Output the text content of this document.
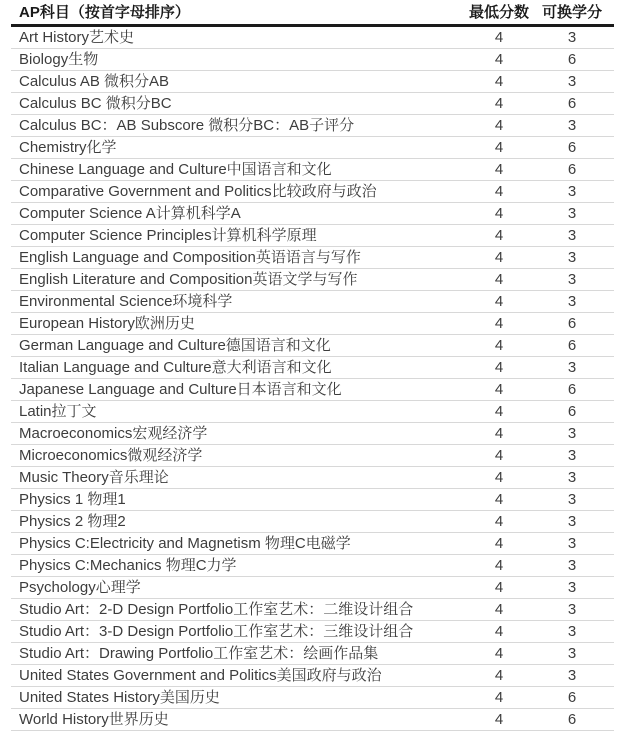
AP科目（按首字母排序）	最低分数	可换学分
Art History艺术史	4	3
Biology生物	4	6
Calculus AB 微积分AB	4	3
Calculus BC 微积分BC	4	6
Calculus BC：AB Subscore 微积分BC：AB子评分	4	3
Chemistry化学	4	6
Chinese Language and Culture中国语言和文化	4	6
Comparative Government and Politics比较政府与政治	4	3
Computer Science A计算机科学A	4	3
Computer Science Principles计算机科学原理	4	3
English Language and Composition英语语言与写作	4	3
English Literature and Composition英语文学与写作	4	3
Environmental Science环境科学	4	3
European History欧洲历史	4	6
German Language and Culture德国语言和文化	4	6
Italian Language and Culture意大利语言和文化	4	3
Japanese Language and Culture日本语言和文化	4	6
Latin拉丁文	4	6
Macroeconomics宏观经济学	4	3
Microeconomics微观经济学	4	3
Music Theory音乐理论	4	3
Physics 1 物理1	4	3
Physics 2 物理2	4	3
Physics C:Electricity and Magnetism 物理C电磁学	4	3
Physics C:Mechanics 物理C力学	4	3
Psychology心理学	4	3
Studio Art：2-D Design Portfolio工作室艺术：二维设计组合	4	3
Studio Art：3-D Design Portfolio工作室艺术：三维设计组合	4	3
Studio Art：Drawing Portfolio工作室艺术：绘画作品集	4	3
United States Government and Politics美国政府与政治	4	3
United States History美国历史	4	6
World History世界历史	4	6
